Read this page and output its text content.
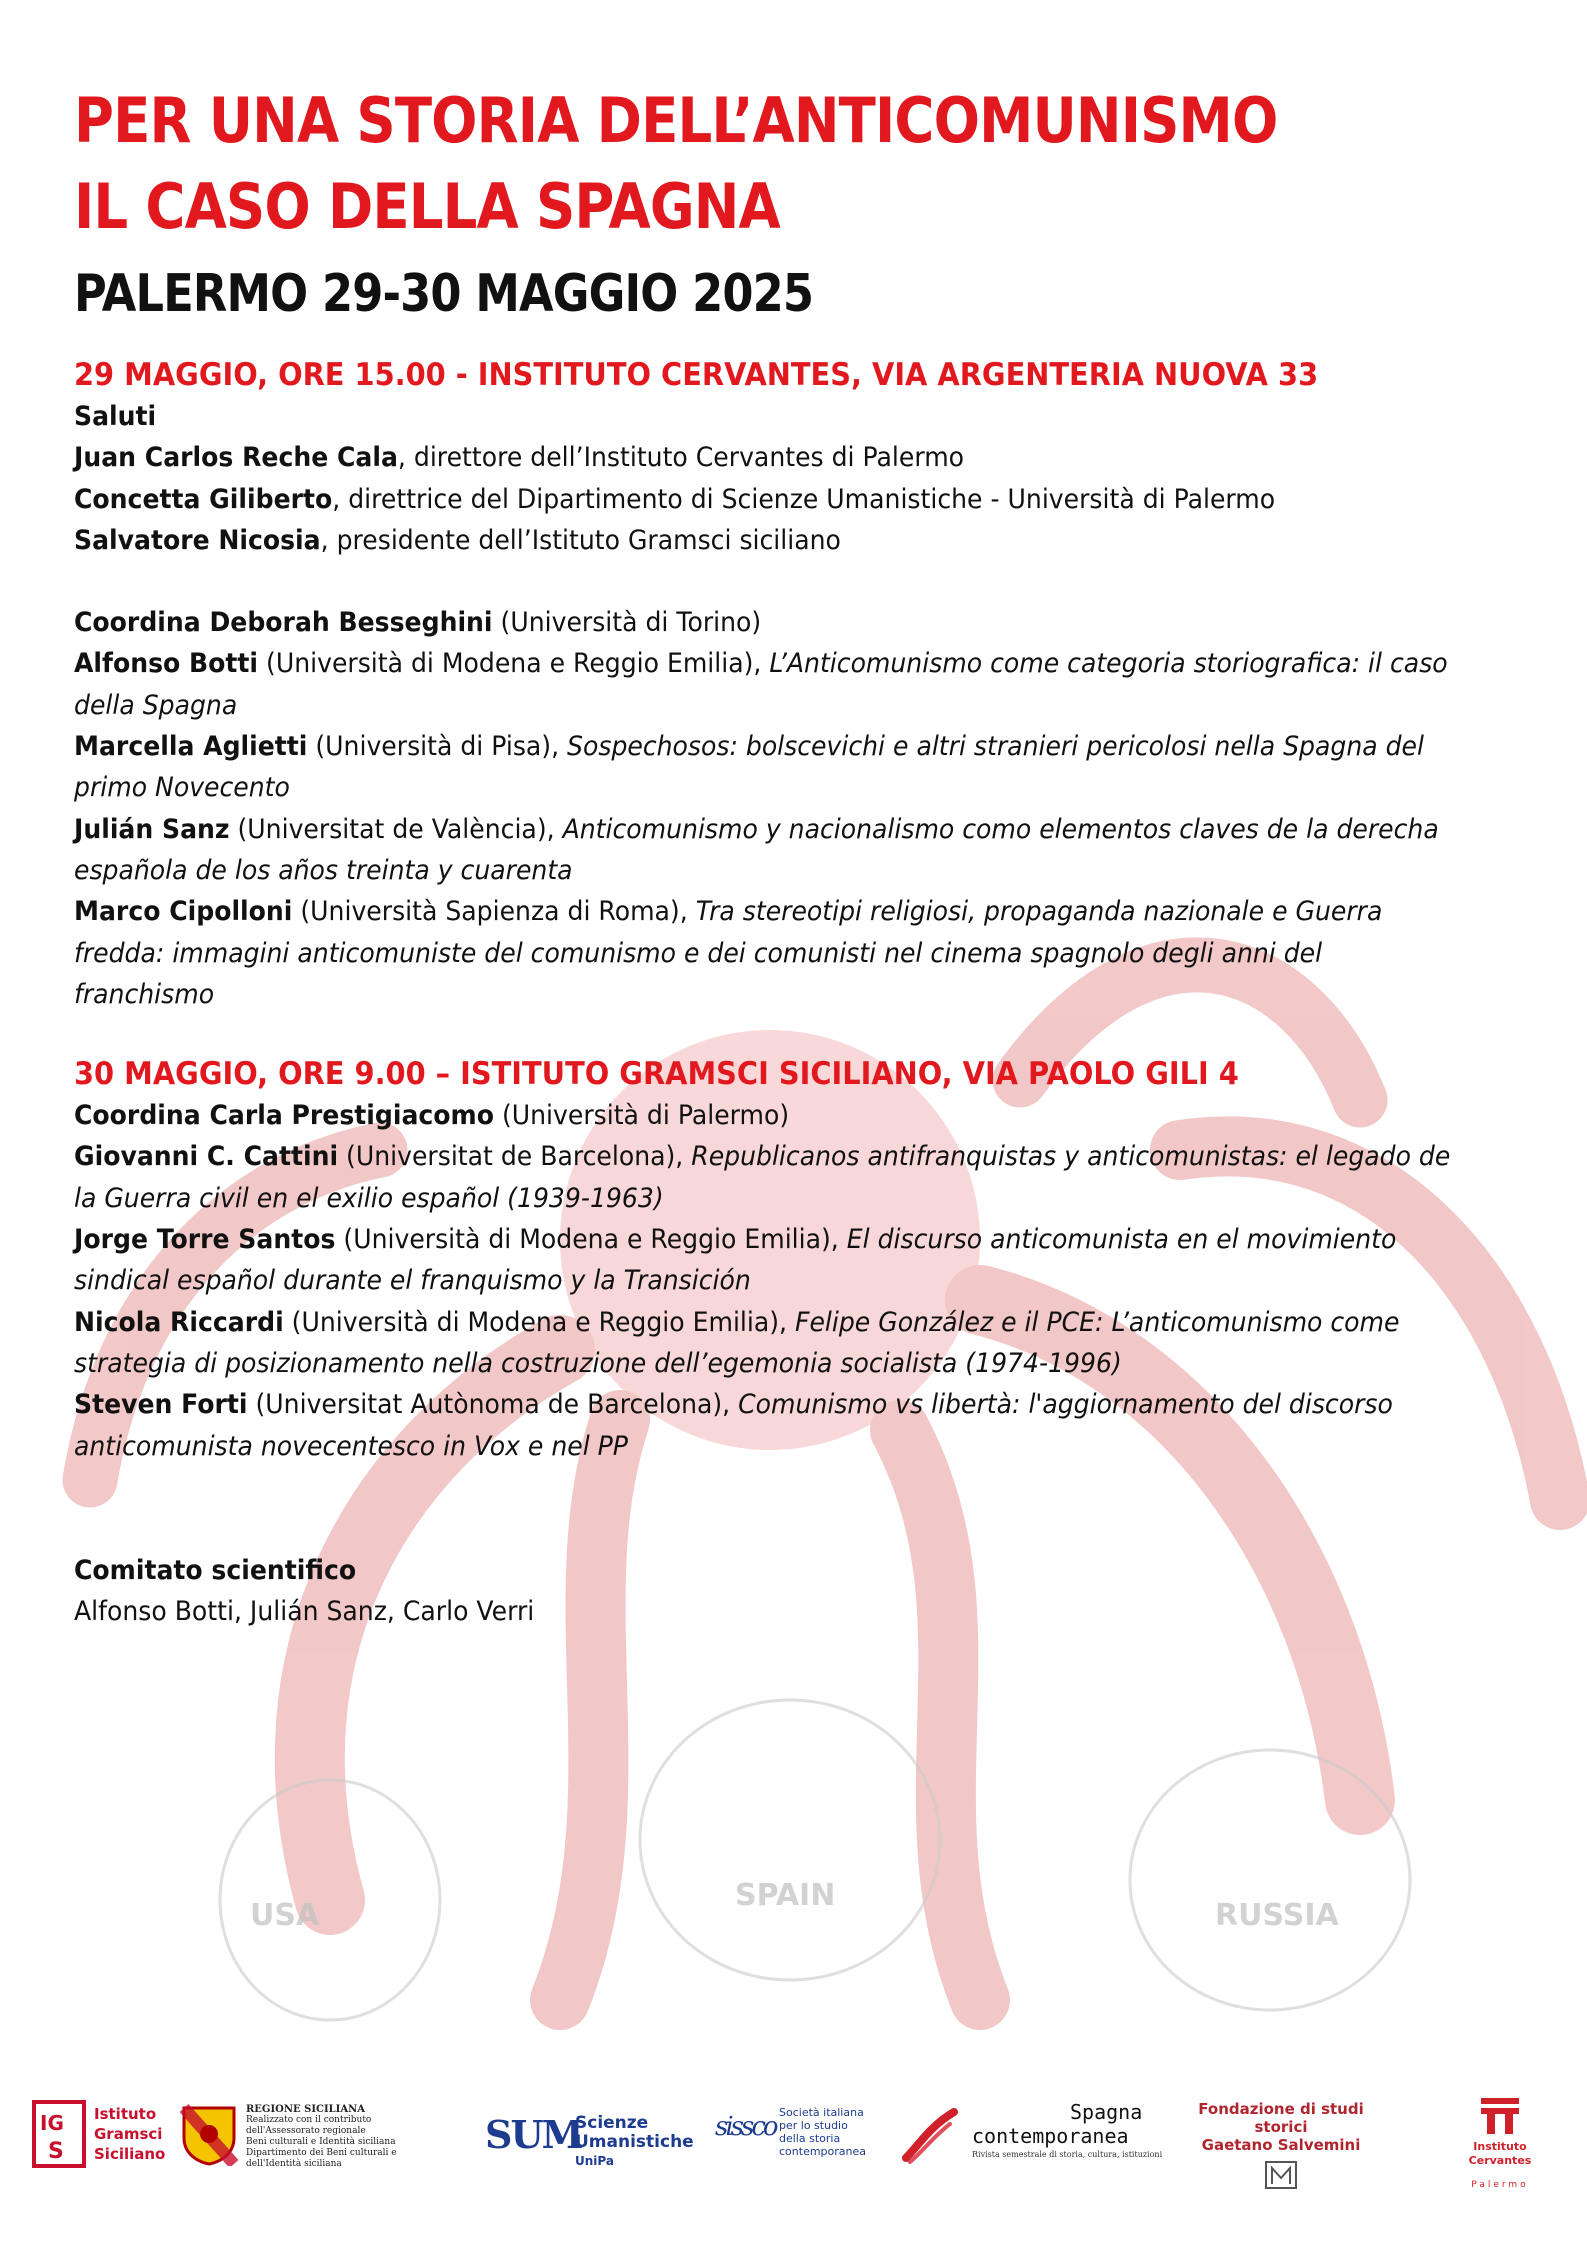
USA
SPAIN
RUSSIA
PER UNA STORIA DELL’ANTICOMUNISMO
IL CASO DELLA SPAGNA
PALERMO 29-30 MAGGIO 2025
29 MAGGIO, ORE 15.00 - INSTITUTO CERVANTES, VIA ARGENTERIA NUOVA 33
Saluti
Juan Carlos Reche Cala, direttore dell’Instituto Cervantes di Palermo
Concetta Giliberto, direttrice del Dipartimento di Scienze Umanistiche - Università di Palermo
Salvatore Nicosia, presidente dell’Istituto Gramsci siciliano
Coordina Deborah Besseghini (Università di Torino)
Alfonso Botti (Università di Modena e Reggio Emilia), L’Anticomunismo come categoria storiografica: il caso della Spagna
Marcella Aglietti (Università di Pisa), Sospechosos: bolscevichi e altri stranieri pericolosi nella Spagna del primo Novecento
Julián Sanz (Universitat de València), Anticomunismo y nacionalismo como elementos claves de la derecha española de los años treinta y cuarenta
Marco Cipolloni (Università Sapienza di Roma), Tra stereotipi religiosi, propaganda nazionale e Guerra fredda: immagini anticomuniste del comunismo e dei comunisti nel cinema spagnolo degli anni del franchismo
30 MAGGIO, ORE 9.00 – ISTITUTO GRAMSCI SICILIANO, VIA PAOLO GILI 4
Coordina Carla Prestigiacomo (Università di Palermo)
Giovanni C. Cattini (Universitat de Barcelona), Republicanos antifranquistas y anticomunistas: el legado de la Guerra civil en el exilio español (1939-1963)
Jorge Torre Santos (Università di Modena e Reggio Emilia), El discurso anticomunista en el movimiento sindical español durante el franquismo y la Transición
Nicola Riccardi (Università di Modena e Reggio Emilia), Felipe González e il PCE: L’anticomunismo come strategia di posizionamento nella costruzione dell’egemonia socialista (1974-1996)
Steven Forti (Universitat Autònoma de Barcelona), Comunismo vs libertà: l'aggiornamento del discorso anticomunista novecentesco in Vox e nel PP
Comitato scientifico
Alfonso Botti, Julián Sanz, Carlo Verri
IG
S
Istituto
Gramsci
Siciliano
REGIONE SICILIANA
Realizzato con il contributo
dell'Assessorato regionale
Beni culturali e Identità siciliana
Dipartimento dei Beni culturali e dell'Identità siciliana
SUM
Scienze
Umanistiche
UniPa
sissco Società italiana
per lo studio
della storia
contemporanea
Spagna
contemporanea
Rivista semestrale di storia, cultura, istituzioni
Fondazione di studi storici
Gaetano Salvemini	Instituto
Cervantes
Palermo
